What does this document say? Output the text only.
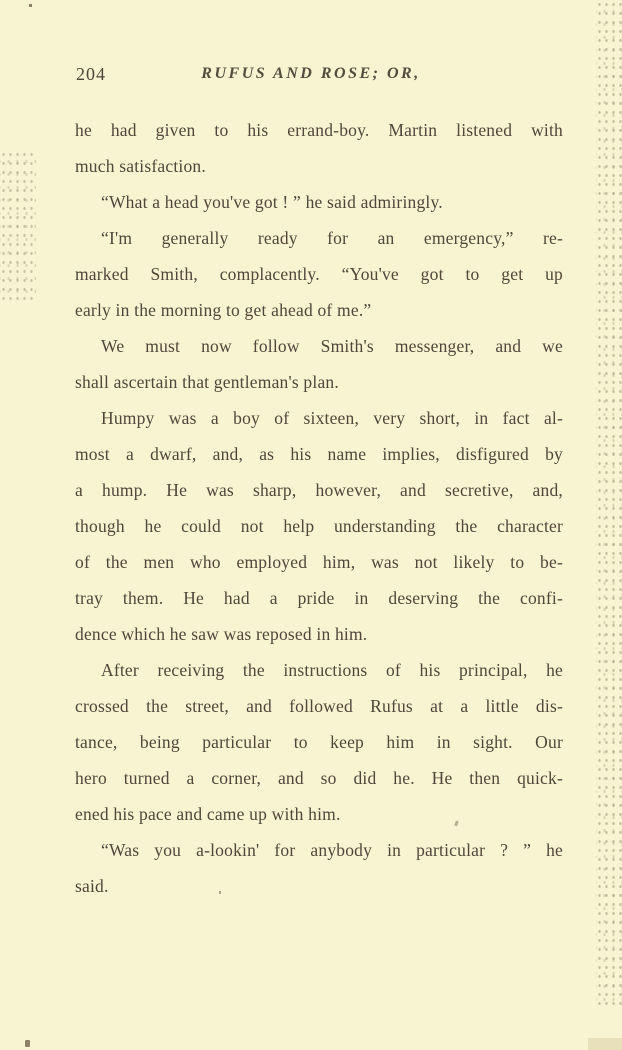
204	RUFUS AND ROSE; OR,
he had given to his errand-boy. Martin listened with
much satisfaction.
“What a head you've got ! ” he said admiringly.
“I'm generally ready for an emergency,” re-
marked Smith, complacently. “You've got to get up
early in the morning to get ahead of me.”
We must now follow Smith's messenger, and we
shall ascertain that gentleman's plan.
Humpy was a boy of sixteen, very short, in fact al-
most a dwarf, and, as his name implies, disfigured by
a hump. He was sharp, however, and secretive, and,
though he could not help understanding the character
of the men who employed him, was not likely to be-
tray them. He had a pride in deserving the confi-
dence which he saw was reposed in him.
After receiving the instructions of his principal, he
crossed the street, and followed Rufus at a little dis-
tance, being particular to keep him in sight. Our
hero turned a corner, and so did he. He then quick-
ened his pace and came up with him.
“Was you a-lookin' for anybody in particular ? ” he
said.
